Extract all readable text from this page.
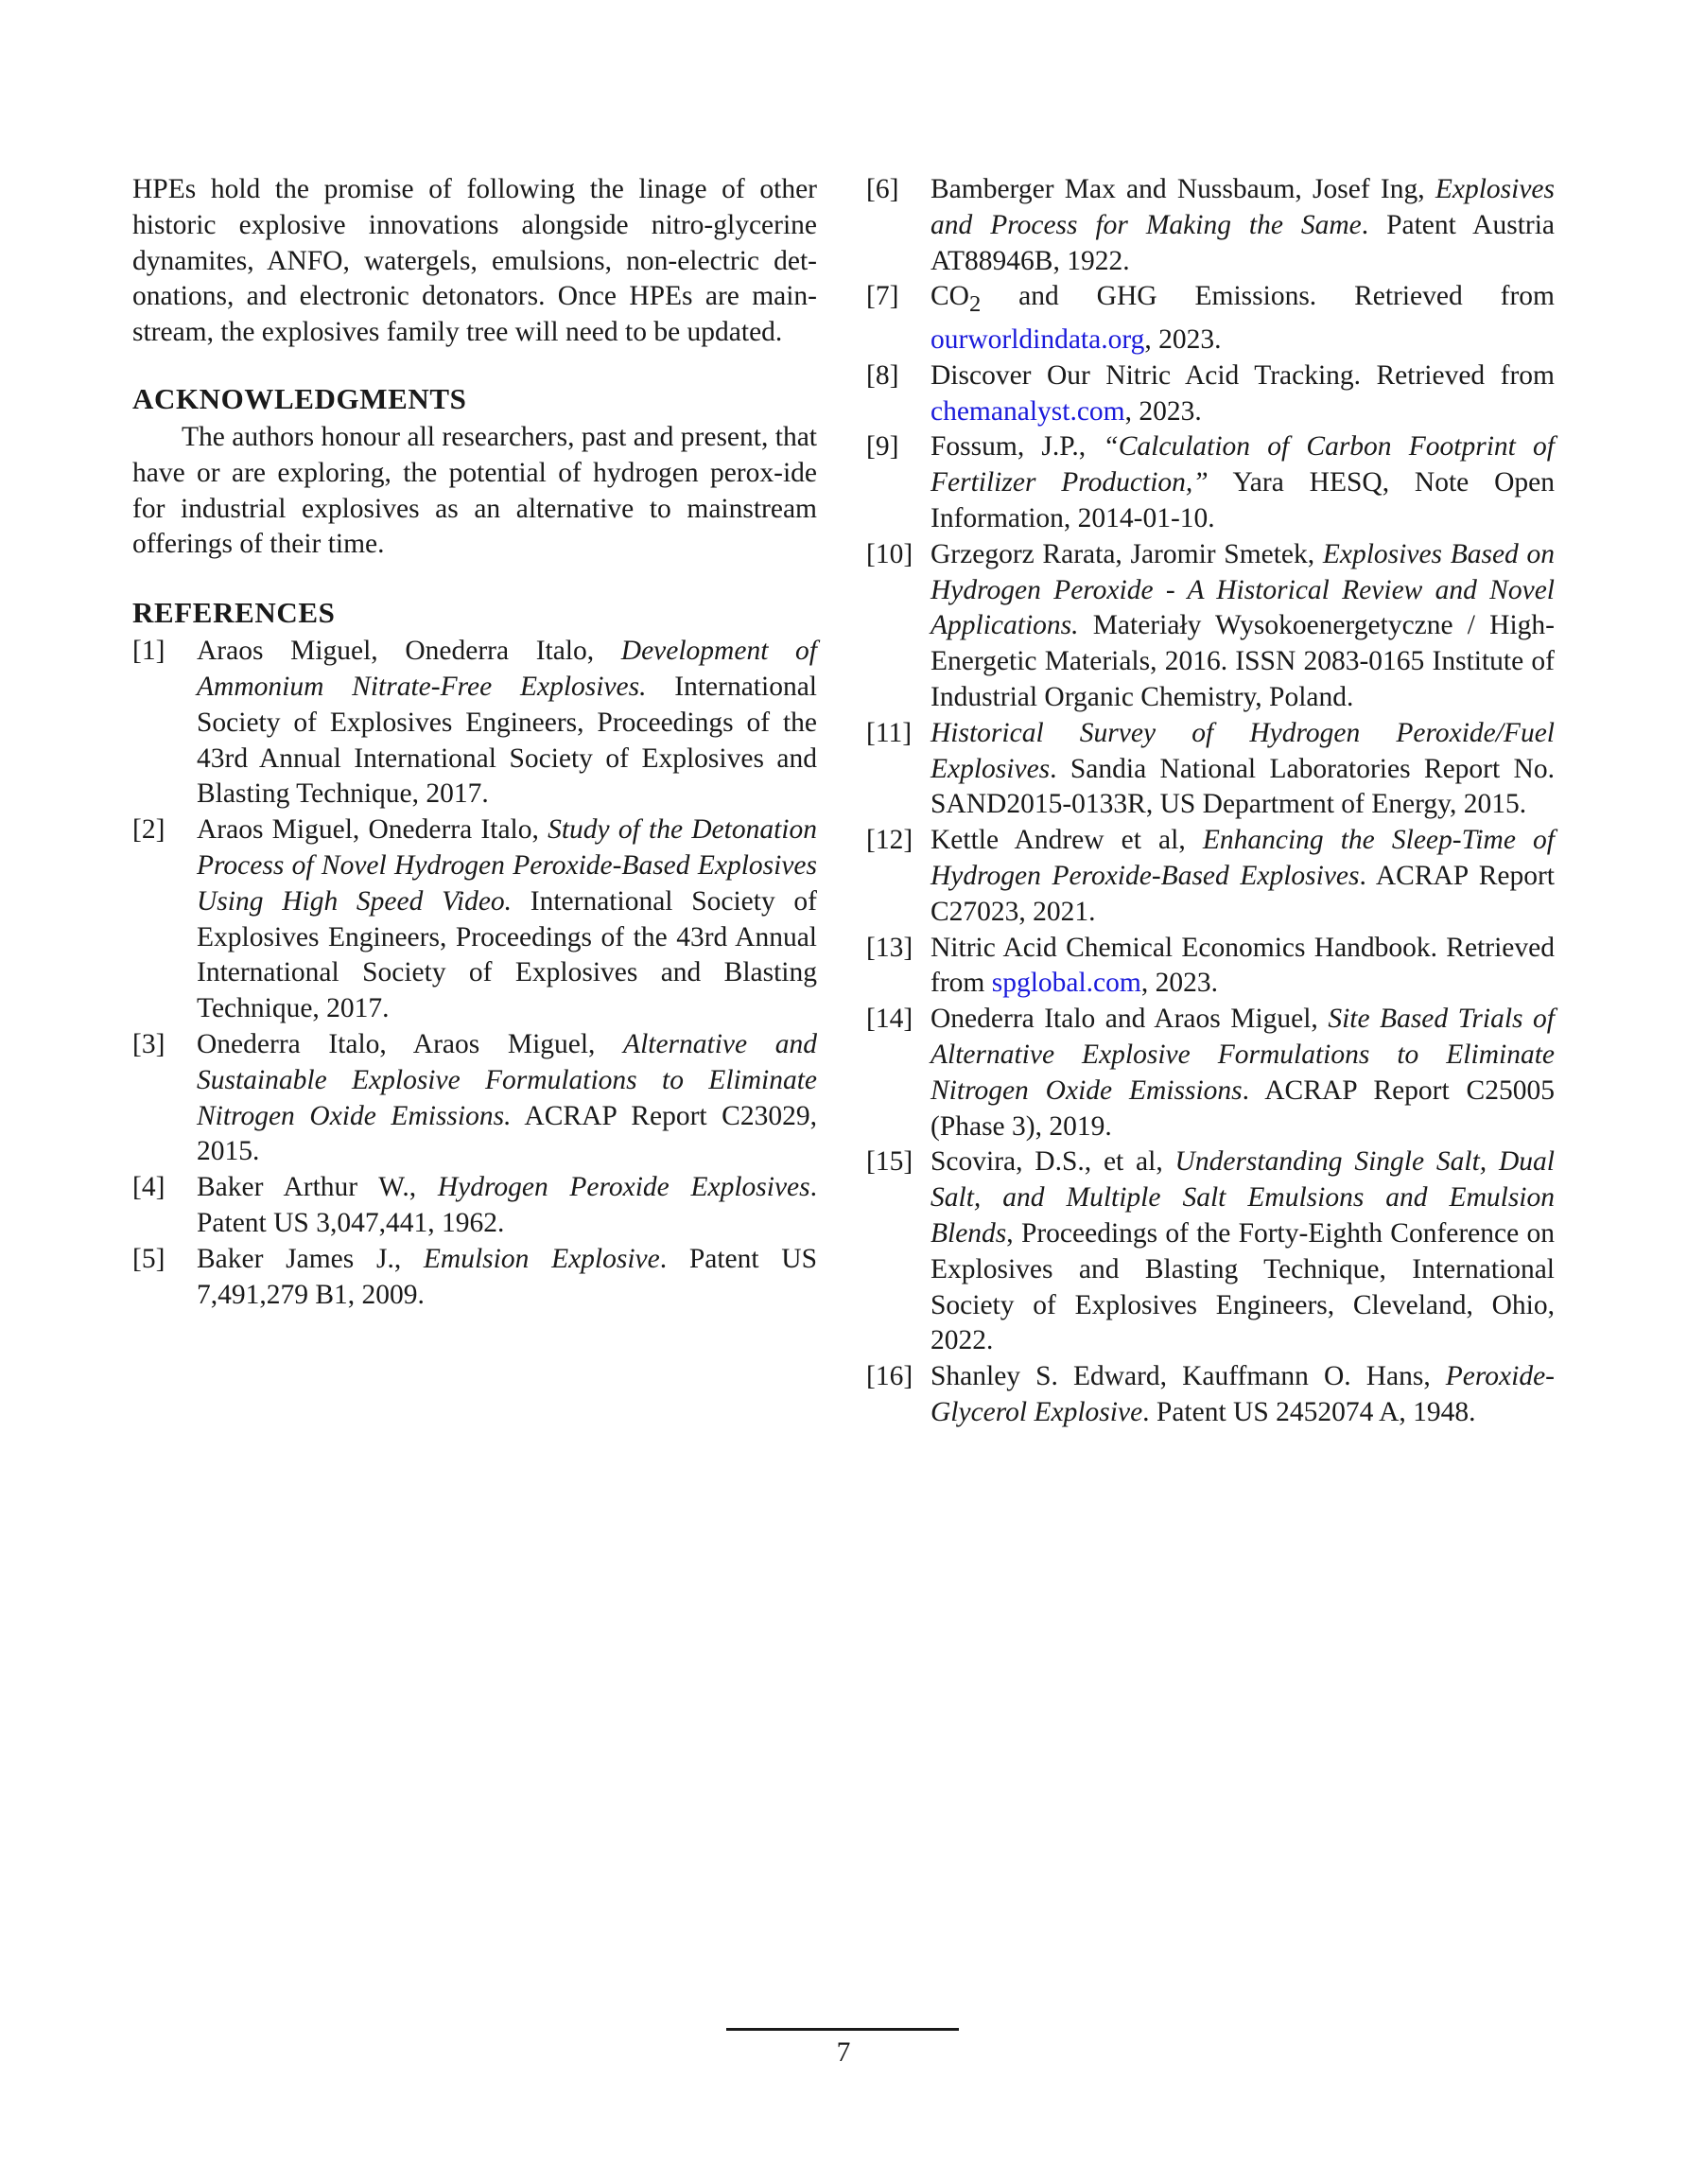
HPEs hold the promise of following the linage of other historic explosive innovations alongside nitro-glycerine dynamites, ANFO, watergels, emulsions, non-electric det-onations, and electronic detonators. Once HPEs are main-stream, the explosives family tree will need to be updated.

ACKNOWLEDGMENTS

The authors honour all researchers, past and present, that have or are exploring, the potential of hydrogen perox-ide for industrial explosives as an alternative to mainstream offerings of their time.

REFERENCES
[1]	Araos Miguel, Onederra Italo, Development of Ammonium Nitrate-Free Explosives. International Society of Explosives Engineers, Proceedings of the 43rd Annual International Society of Explosives and Blasting Technique, 2017.
[2]	Araos Miguel, Onederra Italo, Study of the Detonation Process of Novel Hydrogen Peroxide-Based Explosives Using High Speed Video. International Society of Explosives Engineers, Proceedings of the 43rd Annual International Society of Explosives and Blasting Technique, 2017.
[3]	Onederra Italo, Araos Miguel, Alternative and Sustainable Explosive Formulations to Eliminate Nitrogen Oxide Emissions. ACRAP Report C23029, 2015.
[4]	Baker Arthur W., Hydrogen Peroxide Explosives. Patent US 3,047,441, 1962.
[5]	Baker James J., Emulsion Explosive. Patent US 7,491,279 B1, 2009.
[6]	Bamberger Max and Nussbaum, Josef Ing, Explosives and Process for Making the Same. Patent Austria AT88946B, 1922.
[7]	$CO_2$ and GHG Emissions. Retrieved from ourworldindata.org, 2023.
[8]	Discover Our Nitric Acid Tracking. Retrieved from chemanalyst.com, 2023.
[9]	Fossum, J.P., “Calculation of Carbon Footprint of Fertilizer Production,” Yara HESQ, Note Open Information, 2014-01-10.
[10] Grzegorz Rarata, Jaromir Smetek, Explosives Based on Hydrogen Peroxide - A Historical Review and Novel Applications. Materiały Wysokoenergetyczne / High-Energetic Materials, 2016. ISSN 2083-0165 Institute of Industrial Organic Chemistry, Poland.
[11] Historical Survey of Hydrogen Peroxide/Fuel Explosives. Sandia National Laboratories Report No. SAND2015-0133R, US Department of Energy, 2015.
[12] Kettle Andrew et al, Enhancing the Sleep-Time of Hydrogen Peroxide-Based Explosives. ACRAP Report C27023, 2021.
[13] Nitric Acid Chemical Economics Handbook. Retrieved from spglobal.com, 2023.
[14] Onederra Italo and Araos Miguel, Site Based Trials of Alternative Explosive Formulations to Eliminate Nitrogen Oxide Emissions. ACRAP Report C25005 (Phase 3), 2019.
[15] Scovira, D.S., et al, Understanding Single Salt, Dual Salt, and Multiple Salt Emulsions and Emulsion Blends, Proceedings of the Forty-Eighth Conference on Explosives and Blasting Technique, International Society of Explosives Engineers, Cleveland, Ohio, 2022.
[16] Shanley S. Edward, Kauffmann O. Hans, Peroxide-Glycerol Explosive. Patent US 2452074 A, 1948.
7
